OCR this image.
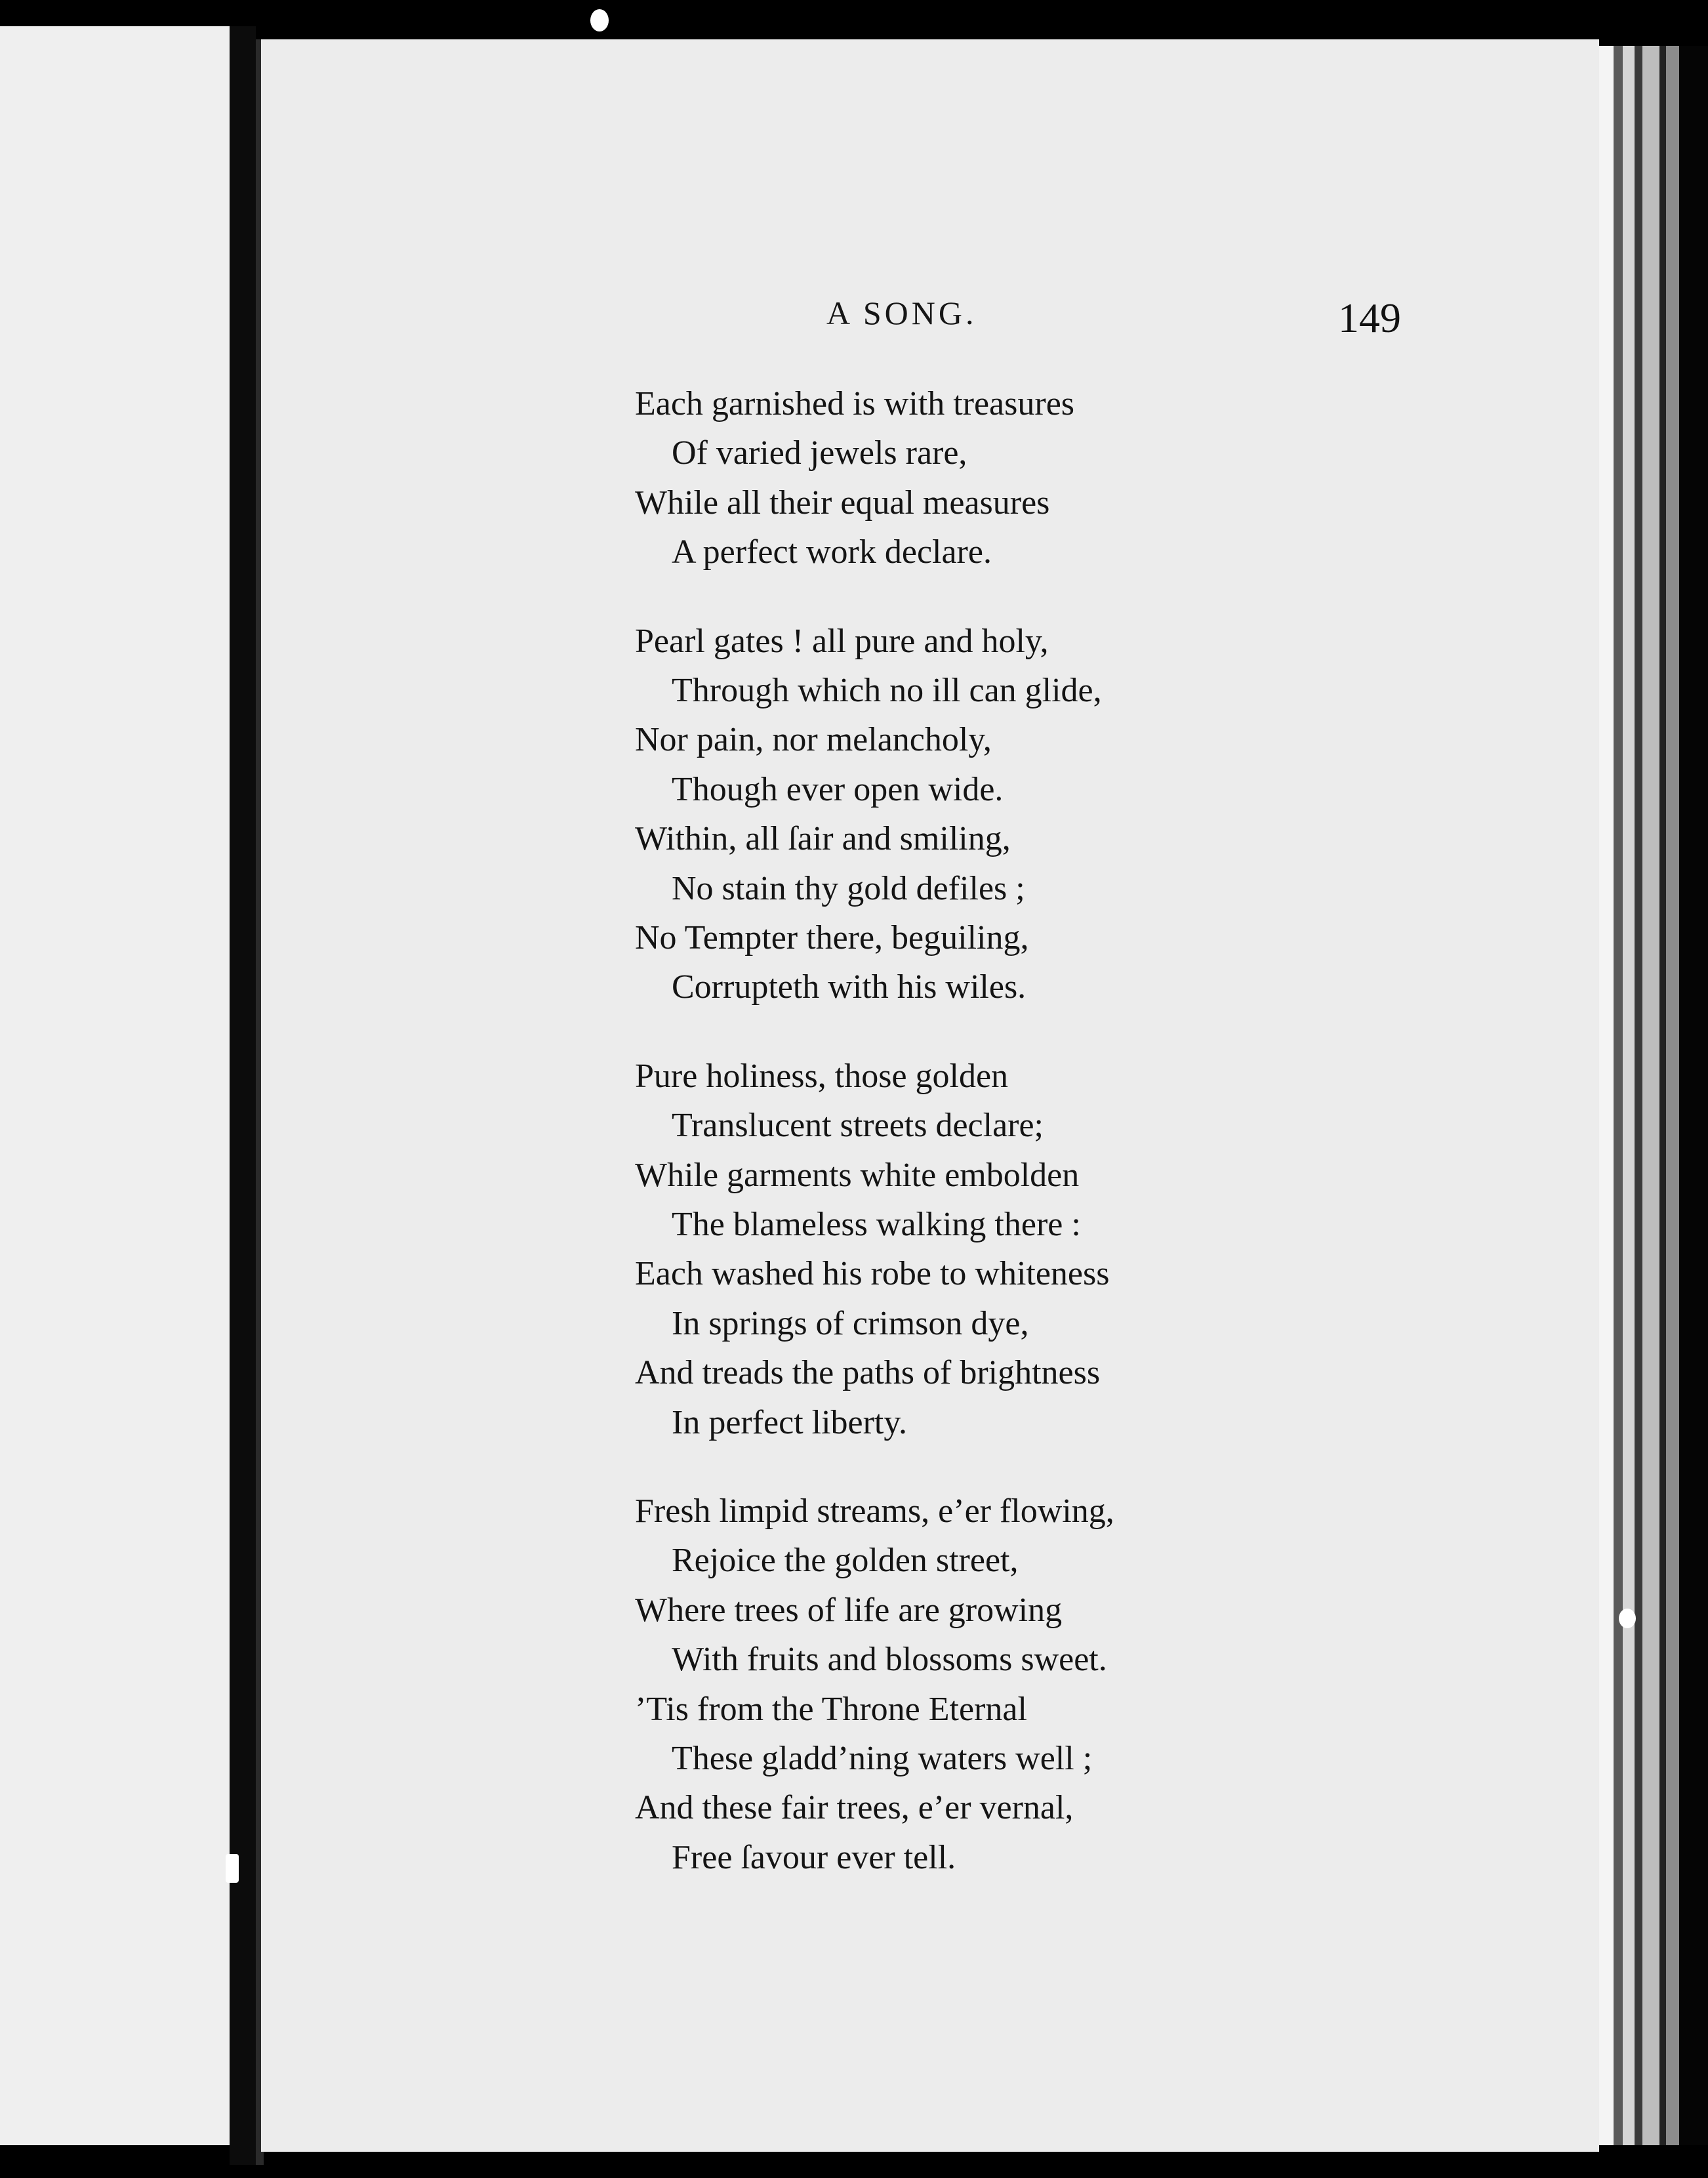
A SONG.	149
Each garnished is with treasures
Of varied jewels rare,
While all their equal measures
A perfect work declare.
Pearl gates ! all pure and holy,
Through which no ill can glide,
Nor pain, nor melancholy,
Though ever open wide.
Within, all ſair and smiling,
No stain thy gold defiles ;
No Tempter there, beguiling,
Corrupteth with his wiles.
Pure holiness, those golden
Translucent streets declare;
While garments white embolden
The blameless walking there :
Each washed his robe to whiteness
In springs of crimson dye,
And treads the paths of brightness
In perfect liberty.
Fresh limpid streams, e’er flowing,
Rejoice the golden street,
Where trees of life are growing
With fruits and blossoms sweet.
’Tis from the Throne Eternal
These gladd’ning waters well ;
And these fair trees, e’er vernal,
Free ſavour ever tell.
